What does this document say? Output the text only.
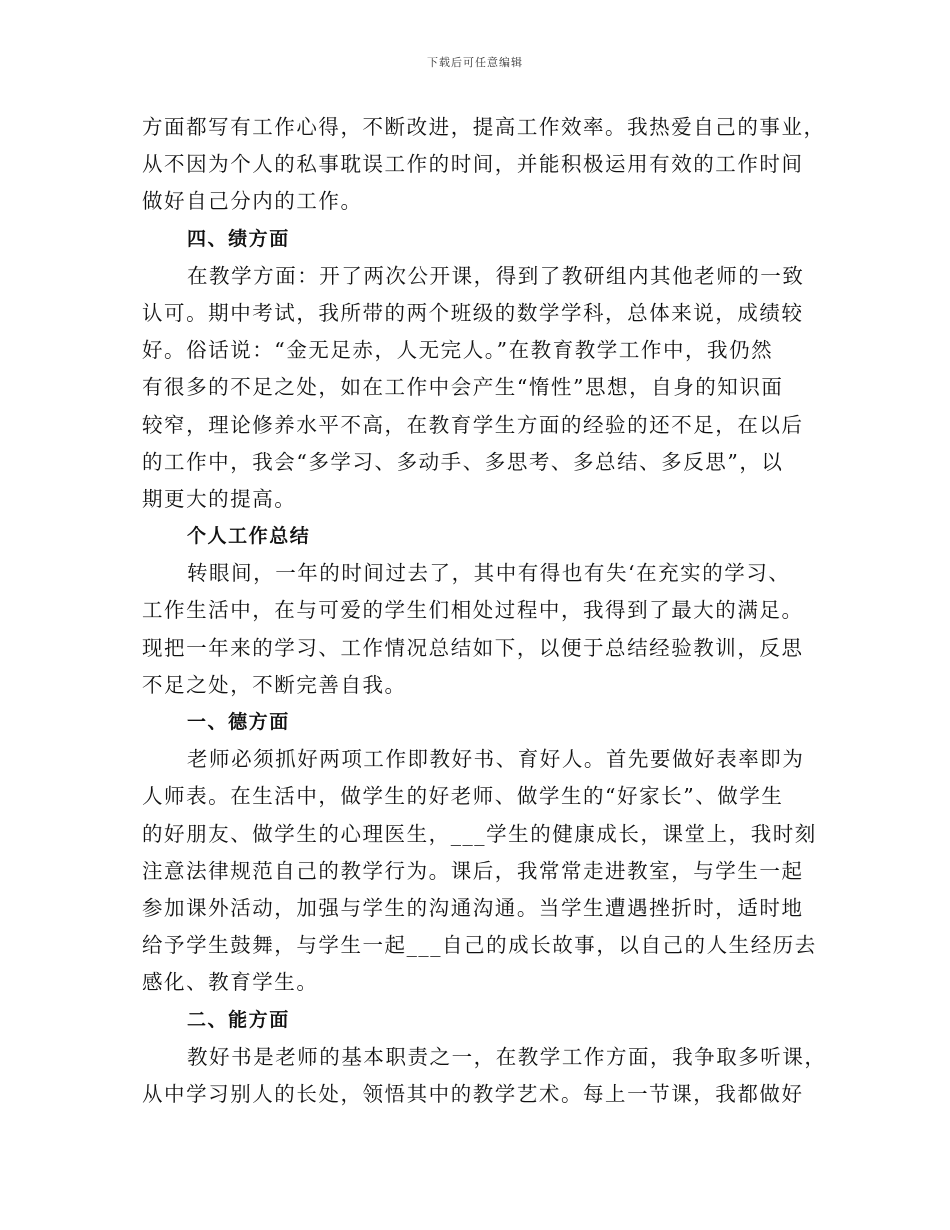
下载后可任意编辑
方面都写有工作心得，不断改进，提高工作效率。我热爱自己的事业，
从不因为个人的私事耽误工作的时间，并能积极运用有效的工作时间
做好自己分内的工作。
四、绩方面
在教学方面：开了两次公开课，得到了教研组内其他老师的一致
认可。期中考试，我所带的两个班级的数学学科，总体来说，成绩较
好。俗话说：“金无足赤，人无完人。”在教育教学工作中，我仍然
有很多的不足之处，如在工作中会产生“惰性”思想，自身的知识面
较窄，理论修养水平不高，在教育学生方面的经验的还不足，在以后
的工作中，我会“多学习、多动手、多思考、多总结、多反思”，以
期更大的提高。
个人工作总结
转眼间，一年的时间过去了，其中有得也有失‘在充实的学习、
工作生活中，在与可爱的学生们相处过程中，我得到了最大的满足。
现把一年来的学习、工作情况总结如下，以便于总结经验教训，反思
不足之处，不断完善自我。
一、德方面
老师必须抓好两项工作即教好书、育好人。首先要做好表率即为
人师表。在生活中，做学生的好老师、做学生的“好家长”、做学生
的好朋友、做学生的心理医生，___学生的健康成长，课堂上，我时刻
注意法律规范自己的教学行为。课后，我常常走进教室，与学生一起
参加课外活动，加强与学生的沟通沟通。当学生遭遇挫折时，适时地
给予学生鼓舞，与学生一起___自己的成长故事，以自己的人生经历去
感化、教育学生。
二、能方面
教好书是老师的基本职责之一，在教学工作方面，我争取多听课，
从中学习别人的长处，领悟其中的教学艺术。每上一节课，我都做好
